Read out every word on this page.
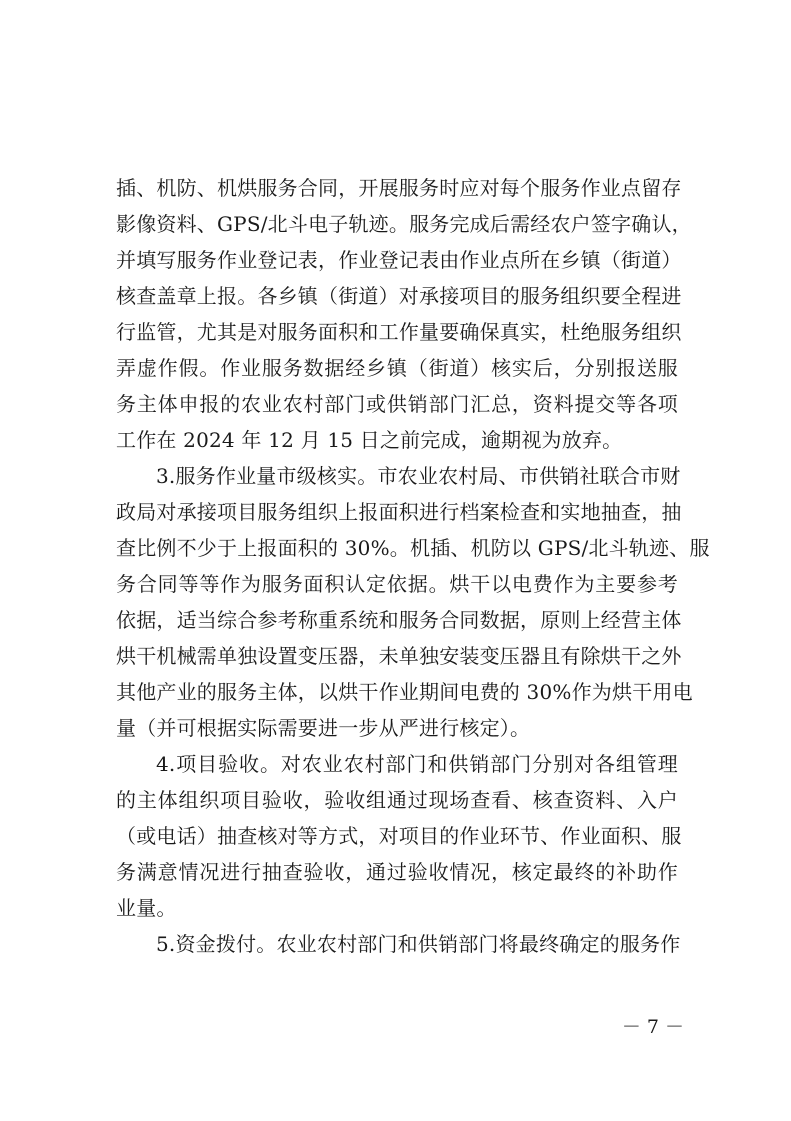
插、机防、机烘服务合同，开展服务时应对每个服务作业点留存
影像资料、GPS/北斗电子轨迹。服务完成后需经农户签字确认，
并填写服务作业登记表，作业登记表由作业点所在乡镇（街道）
核查盖章上报。各乡镇（街道）对承接项目的服务组织要全程进
行监管，尤其是对服务面积和工作量要确保真实，杜绝服务组织
弄虚作假。作业服务数据经乡镇（街道）核实后，分别报送服
务主体申报的农业农村部门或供销部门汇总，资料提交等各项
工作在 2024 年 12 月 15 日之前完成，逾期视为放弃。
3.服务作业量市级核实。市农业农村局、市供销社联合市财
政局对承接项目服务组织上报面积进行档案检查和实地抽查，抽
查比例不少于上报面积的 30%。机插、机防以 GPS/北斗轨迹、服
务合同等等作为服务面积认定依据。烘干以电费作为主要参考
依据，适当综合参考称重系统和服务合同数据，原则上经营主体
烘干机械需单独设置变压器，未单独安装变压器且有除烘干之外
其他产业的服务主体，以烘干作业期间电费的 30%作为烘干用电
量（并可根据实际需要进一步从严进行核定）。
4.项目验收。对农业农村部门和供销部门分别对各组管理
的主体组织项目验收，验收组通过现场查看、核查资料、入户
（或电话）抽查核对等方式，对项目的作业环节、作业面积、服
务满意情况进行抽查验收，通过验收情况，核定最终的补助作
业量。
5.资金拨付。农业农村部门和供销部门将最终确定的服务作
－ 7 －
